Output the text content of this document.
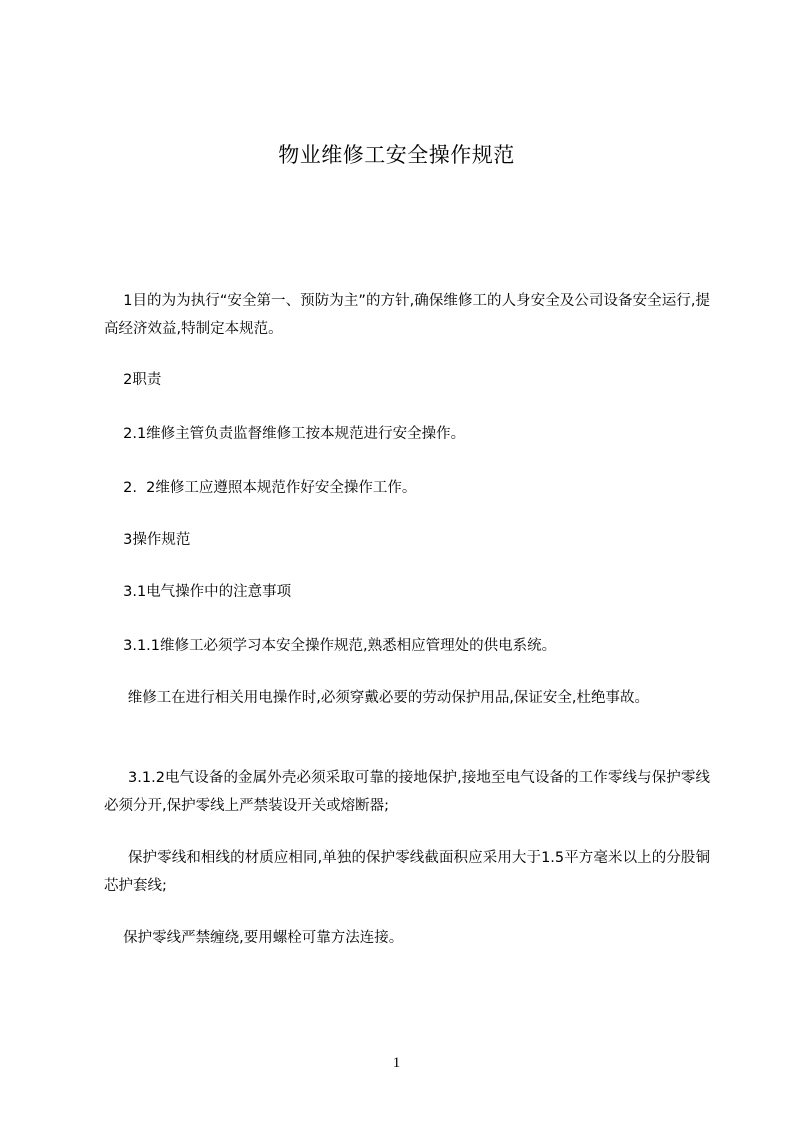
物业维修工安全操作规范
　 1目的为为执行“安全第一、预防为主”的方针,确保维修工的人身安全及公司设备安全运行,提高经济效益,特制定本规范。
　 2职责
　 2.1维修主管负责监督维修工按本规范进行安全操作。
　 2.  2维修工应遵照本规范作好安全操作工作。
　 3操作规范
　 3.1电气操作中的注意事项
　 3.1.1维修工必须学习本安全操作规范,熟悉相应管理处的供电系统。
　  维修工在进行相关用电操作时,必须穿戴必要的劳动保护用品,保证安全,杜绝事故。
　  3.1.2电气设备的金属外壳必须采取可靠的接地保护,接地至电气设备的工作零线与保护零线必须分开,保护零线上严禁装设开关或熔断器;
　  保护零线和相线的材质应相同,单独的保护零线截面积应采用大于1.5平方毫米以上的分股铜芯护套线;
　 保护零线严禁缠绕,要用螺栓可靠方法连接。
1
